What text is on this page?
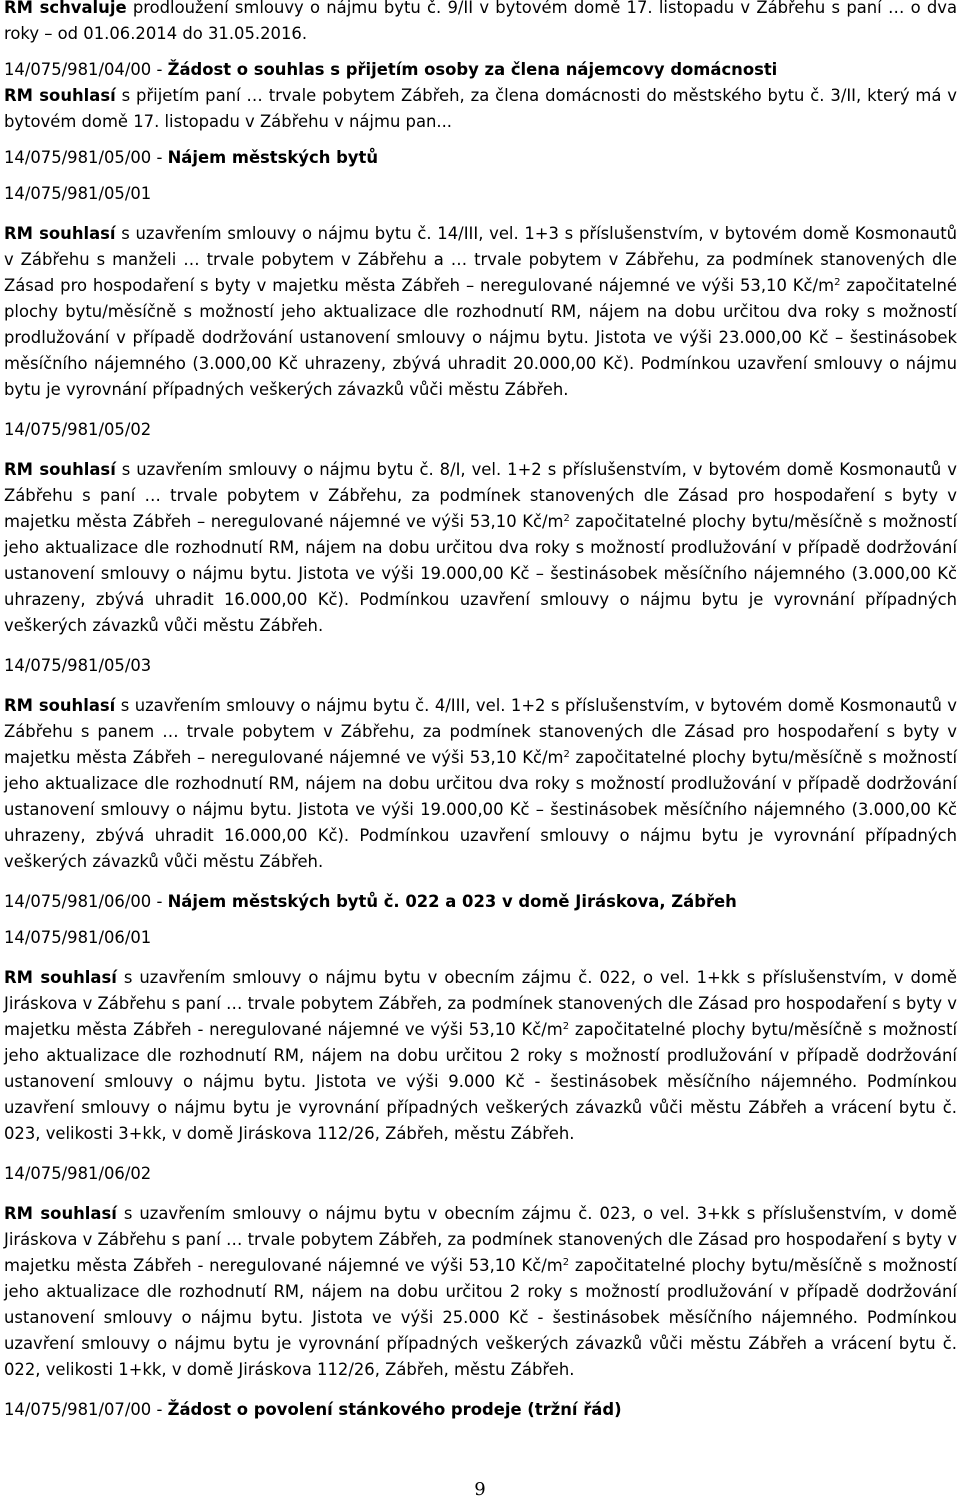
RM schvaluje prodloužení smlouvy o nájmu bytu č. 9/II v bytovém domě 17. listopadu v Zábřehu s paní … o dva roky – od 01.06.2014 do 31.05.2016.

14/075/981/04/00 - Žádost o souhlas s přijetím osoby za člena nájemcovy domácnosti

RM souhlasí s přijetím paní … trvale pobytem Zábřeh, za člena domácnosti do městského bytu č. 3/II, který má v bytovém domě 17. listopadu v Zábřehu v nájmu pan...

14/075/981/05/00 - Nájem městských bytů

14/075/981/05/01

RM souhlasí s uzavřením smlouvy o nájmu bytu č. 14/III, vel. 1+3 s příslušenstvím, v bytovém domě Kosmonautů v Zábřehu s manželi … trvale pobytem v Zábřehu a … trvale pobytem v Zábřehu, za podmínek stanovených dle Zásad pro hospodaření s byty v majetku města Zábřeh – neregulované nájemné ve výši 53,10 $Kč/m^2$ započitatelné plochy bytu/měsíčně s možností jeho aktualizace dle rozhodnutí RM, nájem na dobu určitou dva roky s možností prodlužování v případě dodržování ustanovení smlouvy o nájmu bytu. Jistota ve výši 23.000,00 Kč – šestinásobek měsíčního nájemného (3.000,00 Kč uhrazeny, zbývá uhradit 20.000,00 Kč). Podmínkou uzavření smlouvy o nájmu bytu je vyrovnání případných veškerých závazků vůči městu Zábřeh.

14/075/981/05/02

RM souhlasí s uzavřením smlouvy o nájmu bytu č. 8/I, vel. 1+2 s příslušenstvím, v bytovém domě Kosmonautů v Zábřehu s paní … trvale pobytem v Zábřehu, za podmínek stanovených dle Zásad pro hospodaření s byty v majetku města Zábřeh – neregulované nájemné ve výši 53,10 $Kč/m^2$ započitatelné plochy bytu/měsíčně s možností jeho aktualizace dle rozhodnutí RM, nájem na dobu určitou dva roky s možností prodlužování v případě dodržování ustanovení smlouvy o nájmu bytu. Jistota ve výši 19.000,00 Kč – šestinásobek měsíčního nájemného (3.000,00 Kč uhrazeny, zbývá uhradit 16.000,00 Kč). Podmínkou uzavření smlouvy o nájmu bytu je vyrovnání případných veškerých závazků vůči městu Zábřeh.

14/075/981/05/03

RM souhlasí s uzavřením smlouvy o nájmu bytu č. 4/III, vel. 1+2 s příslušenstvím, v bytovém domě Kosmonautů v Zábřehu s panem … trvale pobytem v Zábřehu, za podmínek stanovených dle Zásad pro hospodaření s byty v majetku města Zábřeh – neregulované nájemné ve výši 53,10 $Kč/m^2$ započitatelné plochy bytu/měsíčně s možností jeho aktualizace dle rozhodnutí RM, nájem na dobu určitou dva roky s možností prodlužování v případě dodržování ustanovení smlouvy o nájmu bytu. Jistota ve výši 19.000,00 Kč – šestinásobek měsíčního nájemného (3.000,00 Kč uhrazeny, zbývá uhradit 16.000,00 Kč). Podmínkou uzavření smlouvy o nájmu bytu je vyrovnání případných veškerých závazků vůči městu Zábřeh.

14/075/981/06/00 - Nájem městských bytů č. 022 a 023 v domě Jiráskova, Zábřeh

14/075/981/06/01

RM souhlasí s uzavřením smlouvy o nájmu bytu v obecním zájmu č. 022, o vel. 1+kk s příslušenstvím, v domě Jiráskova v Zábřehu s paní … trvale pobytem Zábřeh, za podmínek stanovených dle Zásad pro hospodaření s byty v majetku města Zábřeh - neregulované nájemné ve výši 53,10 $Kč/m^2$ započitatelné plochy bytu/měsíčně s možností jeho aktualizace dle rozhodnutí RM, nájem na dobu určitou 2 roky s možností prodlužování v případě dodržování ustanovení smlouvy o nájmu bytu. Jistota ve výši 9.000 Kč - šestinásobek měsíčního nájemného. Podmínkou uzavření smlouvy o nájmu bytu je vyrovnání případných veškerých závazků vůči městu Zábřeh a vrácení bytu č. 023, velikosti 3+kk, v domě Jiráskova 112/26, Zábřeh, městu Zábřeh.

14/075/981/06/02

RM souhlasí s uzavřením smlouvy o nájmu bytu v obecním zájmu č. 023, o vel. 3+kk s příslušenstvím, v domě Jiráskova v Zábřehu s paní … trvale pobytem Zábřeh, za podmínek stanovených dle Zásad pro hospodaření s byty v majetku města Zábřeh - neregulované nájemné ve výši 53,10 $Kč/m^2$ započitatelné plochy bytu/měsíčně s možností jeho aktualizace dle rozhodnutí RM, nájem na dobu určitou 2 roky s možností prodlužování v případě dodržování ustanovení smlouvy o nájmu bytu. Jistota ve výši 25.000 Kč - šestinásobek měsíčního nájemného. Podmínkou uzavření smlouvy o nájmu bytu je vyrovnání případných veškerých závazků vůči městu Zábřeh a vrácení bytu č. 022, velikosti 1+kk, v domě Jiráskova 112/26, Zábřeh, městu Zábřeh.

14/075/981/07/00 - Žádost o povolení stánkového prodeje (tržní řád)

9
